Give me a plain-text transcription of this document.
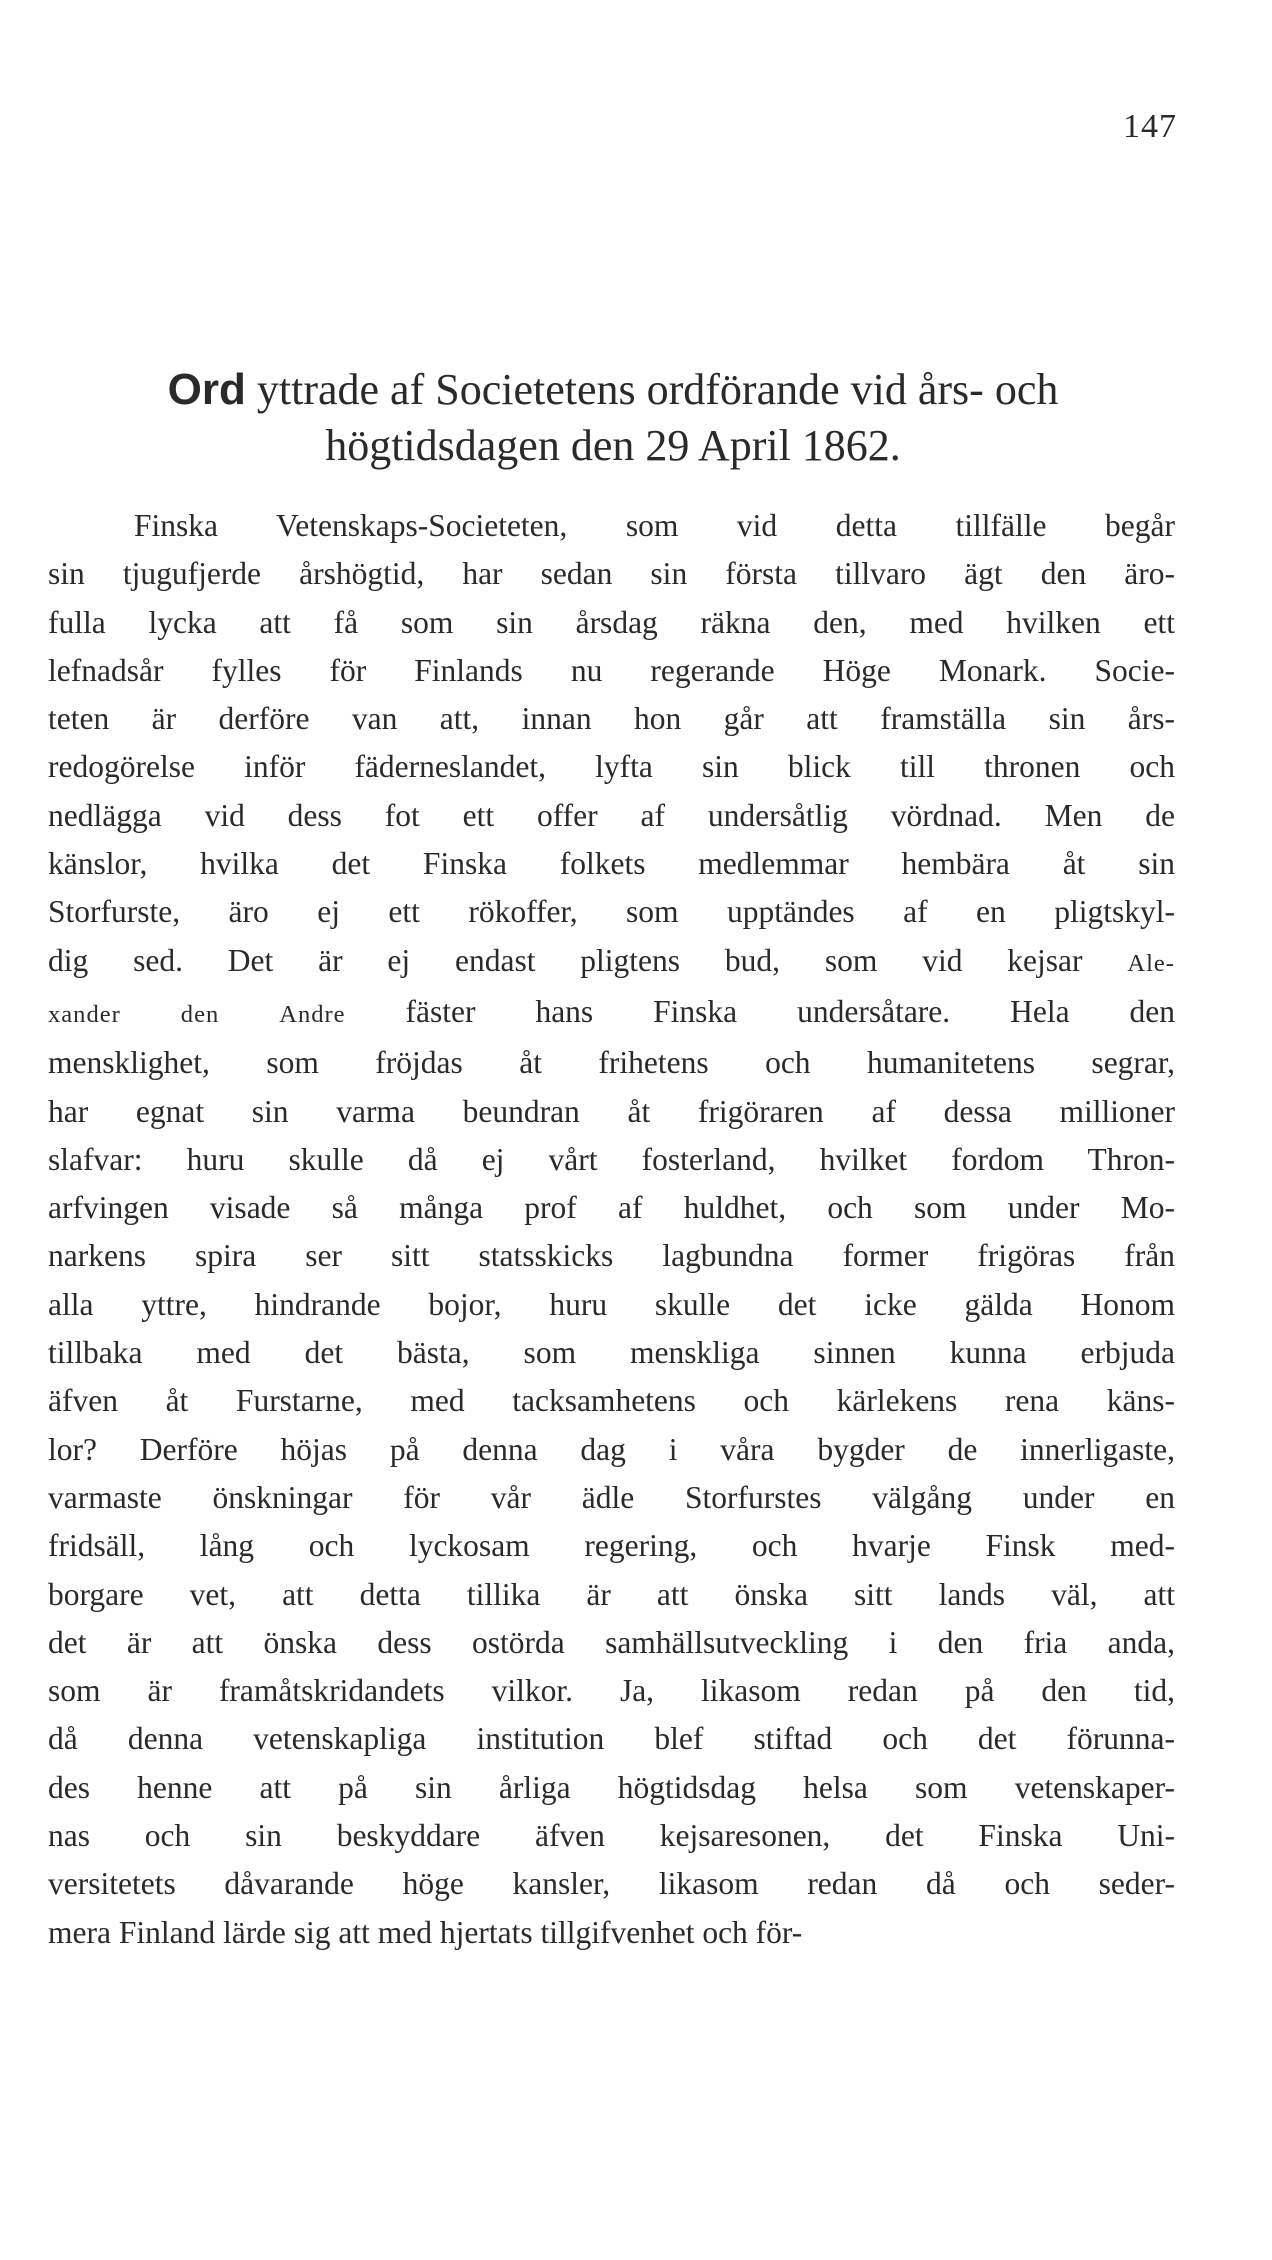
147
Ord yttrade af Societetens ordförande vid års- och
högtidsdagen den 29 April 1862.
Finska Vetenskaps-Societeten, som vid detta tillfälle begår
sin tjugufjerde årshögtid, har sedan sin första tillvaro ägt den äro-
fulla lycka att få som sin årsdag räkna den, med hvilken ett
lefnadsår fylles för Finlands nu regerande Höge Monark. Socie-
teten är derföre van att, innan hon går att framställa sin års-
redogörelse inför fäderneslandet, lyfta sin blick till thronen och
nedlägga vid dess fot ett offer af undersåtlig vördnad. Men de
känslor, hvilka det Finska folkets medlemmar hembära åt sin
Storfurste, äro ej ett rökoffer, som upptändes af en pligtskyl-
dig sed. Det är ej endast pligtens bud, som vid kejsar Ale-
xander den Andre fäster hans Finska undersåtare. Hela den
mensklighet, som fröjdas åt frihetens och humanitetens segrar,
har egnat sin varma beundran åt frigöraren af dessa millioner
slafvar: huru skulle då ej vårt fosterland, hvilket fordom Thron-
arfvingen visade så många prof af huldhet, och som under Mo-
narkens spira ser sitt statsskicks lagbundna former frigöras från
alla yttre, hindrande bojor, huru skulle det icke gälda Honom
tillbaka med det bästa, som menskliga sinnen kunna erbjuda
äfven åt Furstarne, med tacksamhetens och kärlekens rena käns-
lor? Derföre höjas på denna dag i våra bygder de innerligaste,
varmaste önskningar för vår ädle Storfurstes välgång under en
fridsäll, lång och lyckosam regering, och hvarje Finsk med-
borgare vet, att detta tillika är att önska sitt lands väl, att
det är att önska dess ostörda samhällsutveckling i den fria anda,
som är framåtskridandets vilkor. Ja, likasom redan på den tid,
då denna vetenskapliga institution blef stiftad och det förunna-
des henne att på sin årliga högtidsdag helsa som vetenskaper-
nas och sin beskyddare äfven kejsaresonen, det Finska Uni-
versitetets dåvarande höge kansler, likasom redan då och seder-
mera Finland lärde sig att med hjertats tillgifvenhet och för-
